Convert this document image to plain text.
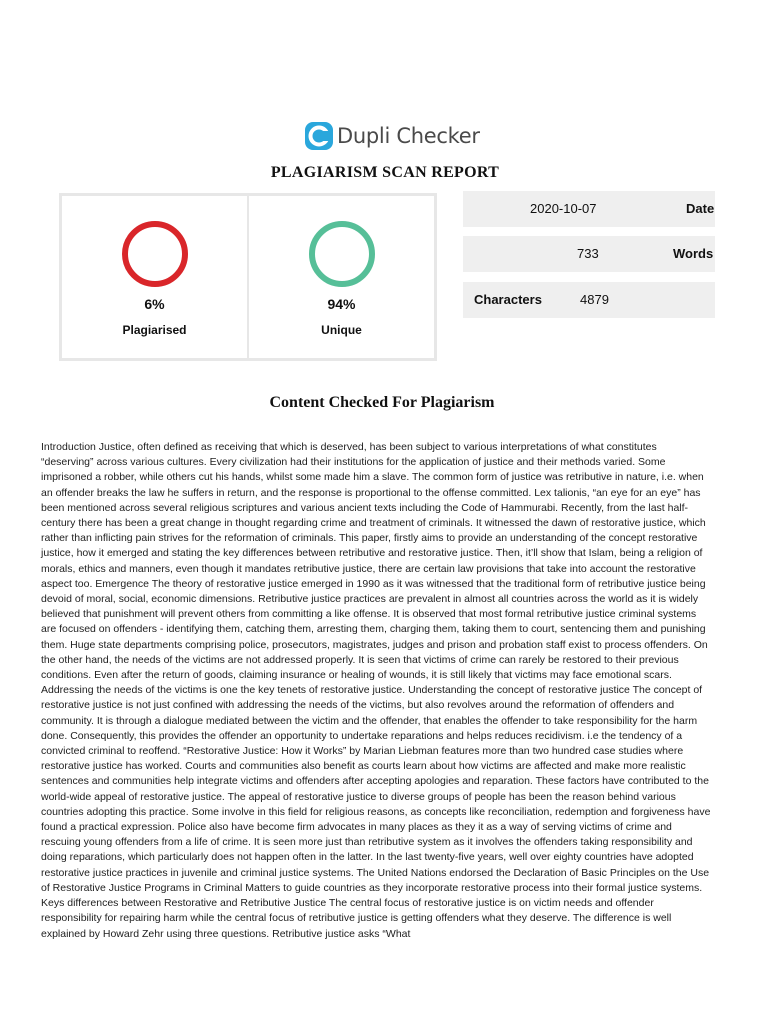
Dupli Checker
PLAGIARISM SCAN REPORT
6%
Plagiarised
94%
Unique
2020-10-07	Date
733	Words
Characters	4879
Content Checked For Plagiarism
Introduction Justice, often defined as receiving that which is deserved, has been subject to various interpretations of what constitutes
“deserving” across various cultures. Every civilization had their institutions for the application of justice and their methods varied. Some
imprisoned a robber, while others cut his hands, whilst some made him a slave. The common form of justice was retributive in nature, i.e. when
an offender breaks the law he suffers in return, and the response is proportional to the offense committed. Lex talionis, “an eye for an eye” has
been mentioned across several religious scriptures and various ancient texts including the Code of Hammurabi. Recently, from the last half-
century there has been a great change in thought regarding crime and treatment of criminals. It witnessed the dawn of restorative justice, which
rather than inflicting pain strives for the reformation of criminals. This paper, firstly aims to provide an understanding of the concept restorative
justice, how it emerged and stating the key differences between retributive and restorative justice. Then, it’ll show that Islam, being a religion of
morals, ethics and manners, even though it mandates retributive justice, there are certain law provisions that take into account the restorative
aspect too. Emergence The theory of restorative justice emerged in 1990 as it was witnessed that the traditional form of retributive justice being
devoid of moral, social, economic dimensions. Retributive justice practices are prevalent in almost all countries across the world as it is widely
believed that punishment will prevent others from committing a like offense. It is observed that most formal retributive justice criminal systems
are focused on offenders - identifying them, catching them, arresting them, charging them, taking them to court, sentencing them and punishing
them. Huge state departments comprising police, prosecutors, magistrates, judges and prison and probation staff exist to process offenders. On
the other hand, the needs of the victims are not addressed properly. It is seen that victims of crime can rarely be restored to their previous
conditions. Even after the return of goods, claiming insurance or healing of wounds, it is still likely that victims may face emotional scars.
Addressing the needs of the victims is one the key tenets of restorative justice. Understanding the concept of restorative justice The concept of
restorative justice is not just confined with addressing the needs of the victims, but also revolves around the reformation of offenders and
community. It is through a dialogue mediated between the victim and the offender, that enables the offender to take responsibility for the harm
done. Consequently, this provides the offender an opportunity to undertake reparations and helps reduces recidivism. i.e the tendency of a
convicted criminal to reoffend. “Restorative Justice: How it Works” by Marian Liebman features more than two hundred case studies where
restorative justice has worked. Courts and communities also benefit as courts learn about how victims are affected and make more realistic
sentences and communities help integrate victims and offenders after accepting apologies and reparation. These factors have contributed to the
world-wide appeal of restorative justice. The appeal of restorative justice to diverse groups of people has been the reason behind various
countries adopting this practice. Some involve in this field for religious reasons, as concepts like reconciliation, redemption and forgiveness have
found a practical expression. Police also have become firm advocates in many places as they it as a way of serving victims of crime and
rescuing young offenders from a life of crime. It is seen more just than retributive system as it involves the offenders taking responsibility and
doing reparations, which particularly does not happen often in the latter. In the last twenty-five years, well over eighty countries have adopted
restorative justice practices in juvenile and criminal justice systems. The United Nations endorsed the Declaration of Basic Principles on the Use
of Restorative Justice Programs in Criminal Matters to guide countries as they incorporate restorative process into their formal justice systems.
Keys differences between Restorative and Retributive Justice The central focus of restorative justice is on victim needs and offender
responsibility for repairing harm while the central focus of retributive justice is getting offenders what they deserve. The difference is well
explained by Howard Zehr using three questions. Retributive justice asks “What
